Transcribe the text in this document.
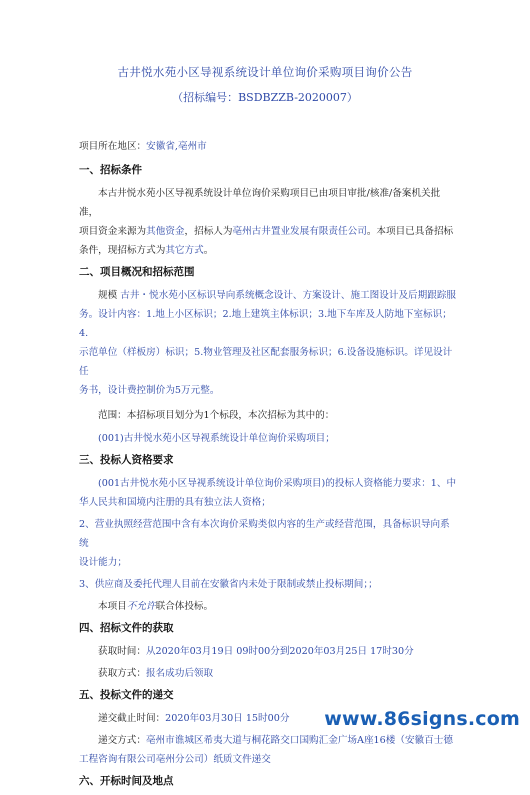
古井悦水苑小区导视系统设计单位询价采购项目询价公告
（招标编号：BSDBZZB-2020007）

项目所在地区：安徽省,亳州市

一、招标条件

本古井悦水苑小区导视系统设计单位询价采购项目已由项目审批/核准/备案机关批准，

项目资金来源为其他资金，招标人为亳州古井置业发展有限责任公司。本项目已具备招标

条件，现招标方式为其它方式。

二、项目概况和招标范围

规模 古井・悦水苑小区标识导向系统概念设计、方案设计、施工图设计及后期跟踪服

务。设计内容：1.地上小区标识；2.地上建筑主体标识；3.地下车库及人防地下室标识；4.

示范单位（样板房）标识；5.物业管理及社区配套服务标识；6.设备设施标识。详见设计任

务书，设计费控制价为5万元整。

范围：本招标项目划分为1个标段，本次招标为其中的：

(001)古井悦水苑小区导视系统设计单位询价采购项目；

三、投标人资格要求

(001古井悦水苑小区导视系统设计单位询价采购项目)的投标人资格能力要求：1、中

华人民共和国境内注册的具有独立法人资格；

2、营业执照经营范围中含有本次询价采购类似内容的生产或经营范围，具备标识导向系统

设计能力；

3、供应商及委托代理人目前在安徽省内未处于限制或禁止投标期间；；

本项目不允许联合体投标。

四、招标文件的获取

获取时间：从2020年03月19日 09时00分到2020年03月25日 17时30分

获取方式：报名成功后领取

五、投标文件的递交

递交截止时间：2020年03月30日 15时00分

递交方式：亳州市谯城区希夷大道与桐花路交口国购汇金广场A座16楼（安徽百士德

工程咨询有限公司亳州分公司）纸质文件递交

六、开标时间及地点

www.86signs.com
